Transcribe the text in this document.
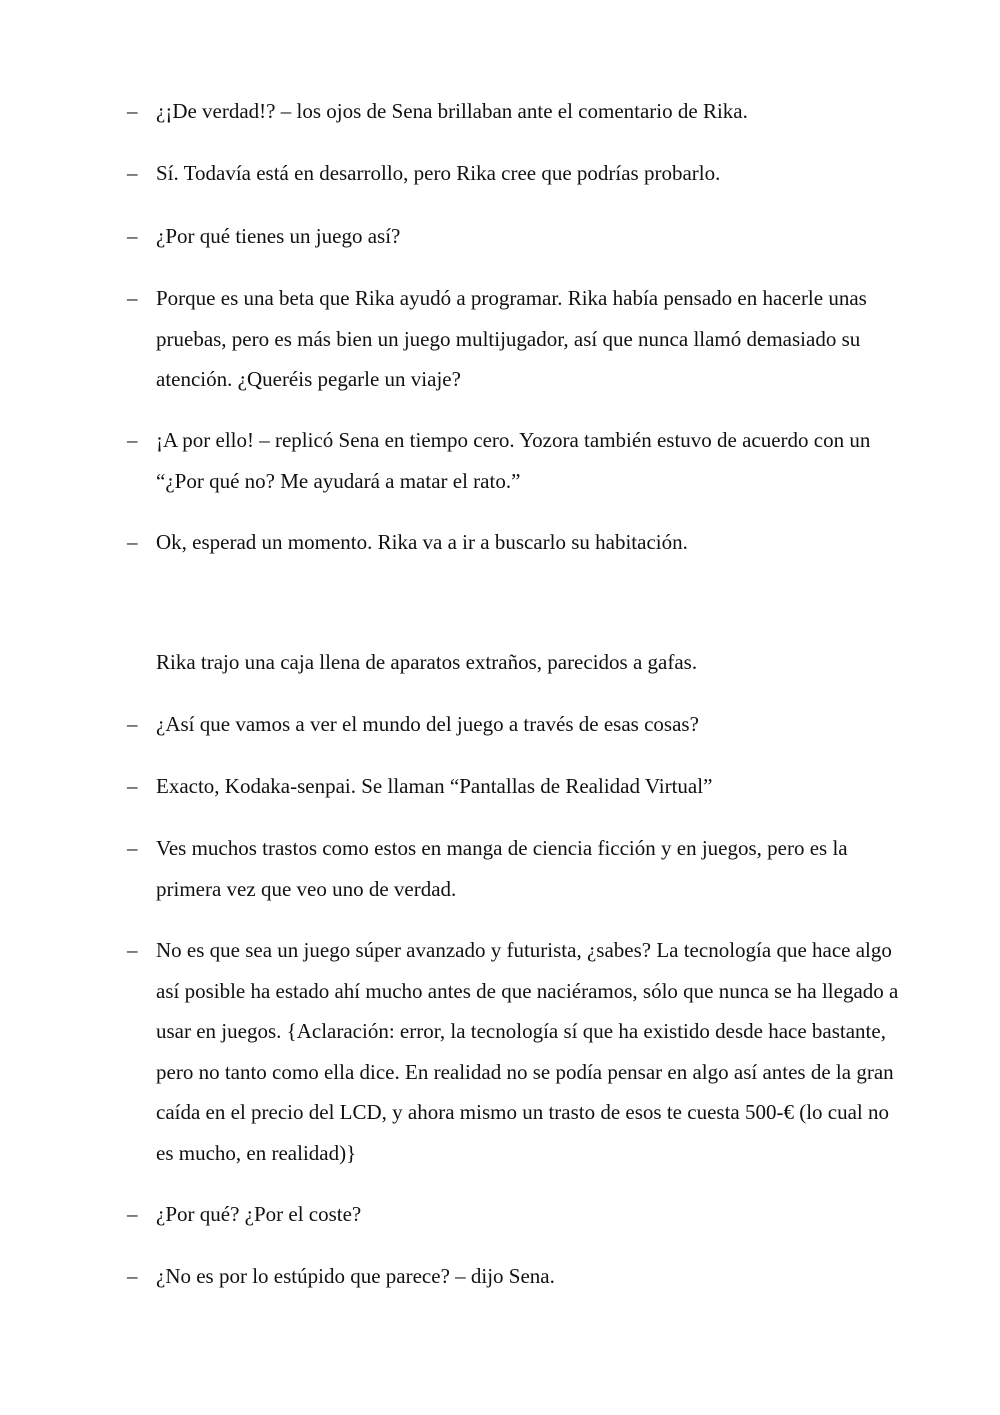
– ¿¡De verdad!? – los ojos de Sena brillaban ante el comentario de Rika.

– Sí. Todavía está en desarrollo, pero Rika cree que podrías probarlo.

– ¿Por qué tienes un juego así?

– Porque es una beta que Rika ayudó a programar. Rika había pensado en hacerle unas pruebas, pero es más bien un juego multijugador, así que nunca llamó demasiado su atención. ¿Queréis pegarle un viaje?

– ¡A por ello! – replicó Sena en tiempo cero. Yozora también estuvo de acuerdo con un “¿Por qué no? Me ayudará a matar el rato.”

– Ok, esperad un momento. Rika va a ir a buscarlo su habitación.

Rika trajo una caja llena de aparatos extraños, parecidos a gafas.

– ¿Así que vamos a ver el mundo del juego a través de esas cosas?

– Exacto, Kodaka-senpai. Se llaman “Pantallas de Realidad Virtual”

– Ves muchos trastos como estos en manga de ciencia ficción y en juegos, pero es la primera vez que veo uno de verdad.

– No es que sea un juego súper avanzado y futurista, ¿sabes? La tecnología que hace algo así posible ha estado ahí mucho antes de que naciéramos, sólo que nunca se ha llegado a usar en juegos. {Aclaración: error, la tecnología sí que ha existido desde hace bastante, pero no tanto como ella dice. En realidad no se podía pensar en algo así antes de la gran caída en el precio del LCD, y ahora mismo un trasto de esos te cuesta 500-€ (lo cual no es mucho, en realidad)}

– ¿Por qué? ¿Por el coste?

– ¿No es por lo estúpido que parece? – dijo Sena.
